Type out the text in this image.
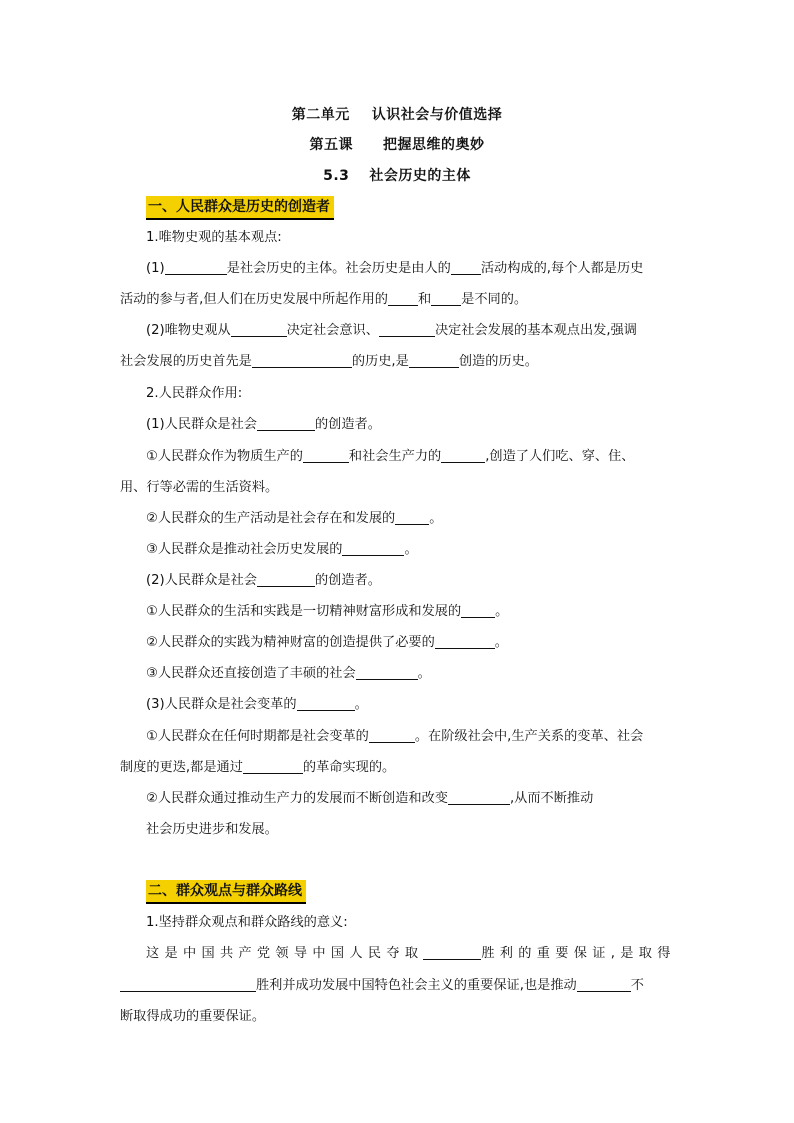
第二单元 认识社会与价值选择
第五课 把握思维的奥妙
5.3 社会历史的主体
一、人民群众是历史的创造者
1.唯物史观的基本观点:
(1)	是社会历史的主体。社会历史是由人的 活动构成的,每个人都是历史
活动的参与者,但人们在历史发展中所起作用的 和 是不同的。
(2)唯物史观从	决定社会意识、	决定社会发展的基本观点出发,强调
社会发展的历史首先是	的历史,是	创造的历史。
2.人民群众作用:
(1)人民群众是社会	的创造者。
①人民群众作为物质生产的	和社会生产力的	,创造了人们吃、穿、住、
用、行等必需的生活资料。
②人民群众的生产活动是社会存在和发展的	。
③人民群众是推动社会历史发展的	。
(2)人民群众是社会	的创造者。
①人民群众的生活和实践是一切精神财富形成和发展的	。
②人民群众的实践为精神财富的创造提供了必要的	。
③人民群众还直接创造了丰硕的社会	。
(3)人民群众是社会变革的	。
①人民群众在任何时期都是社会变革的	。在阶级社会中,生产关系的变革、社会
制度的更迭,都是通过	的革命实现的。
②人民群众通过推动生产力的发展而不断创造和改变	,从而不断推动
社会历史进步和发展。
二、群众观点与群众路线
1.坚持群众观点和群众路线的意义:
这是中国共产党领导中国人民夺取	胜利的重要保证,是取得
胜利并成功发展中国特色社会主义的重要保证,也是推动	不
断取得成功的重要保证。
